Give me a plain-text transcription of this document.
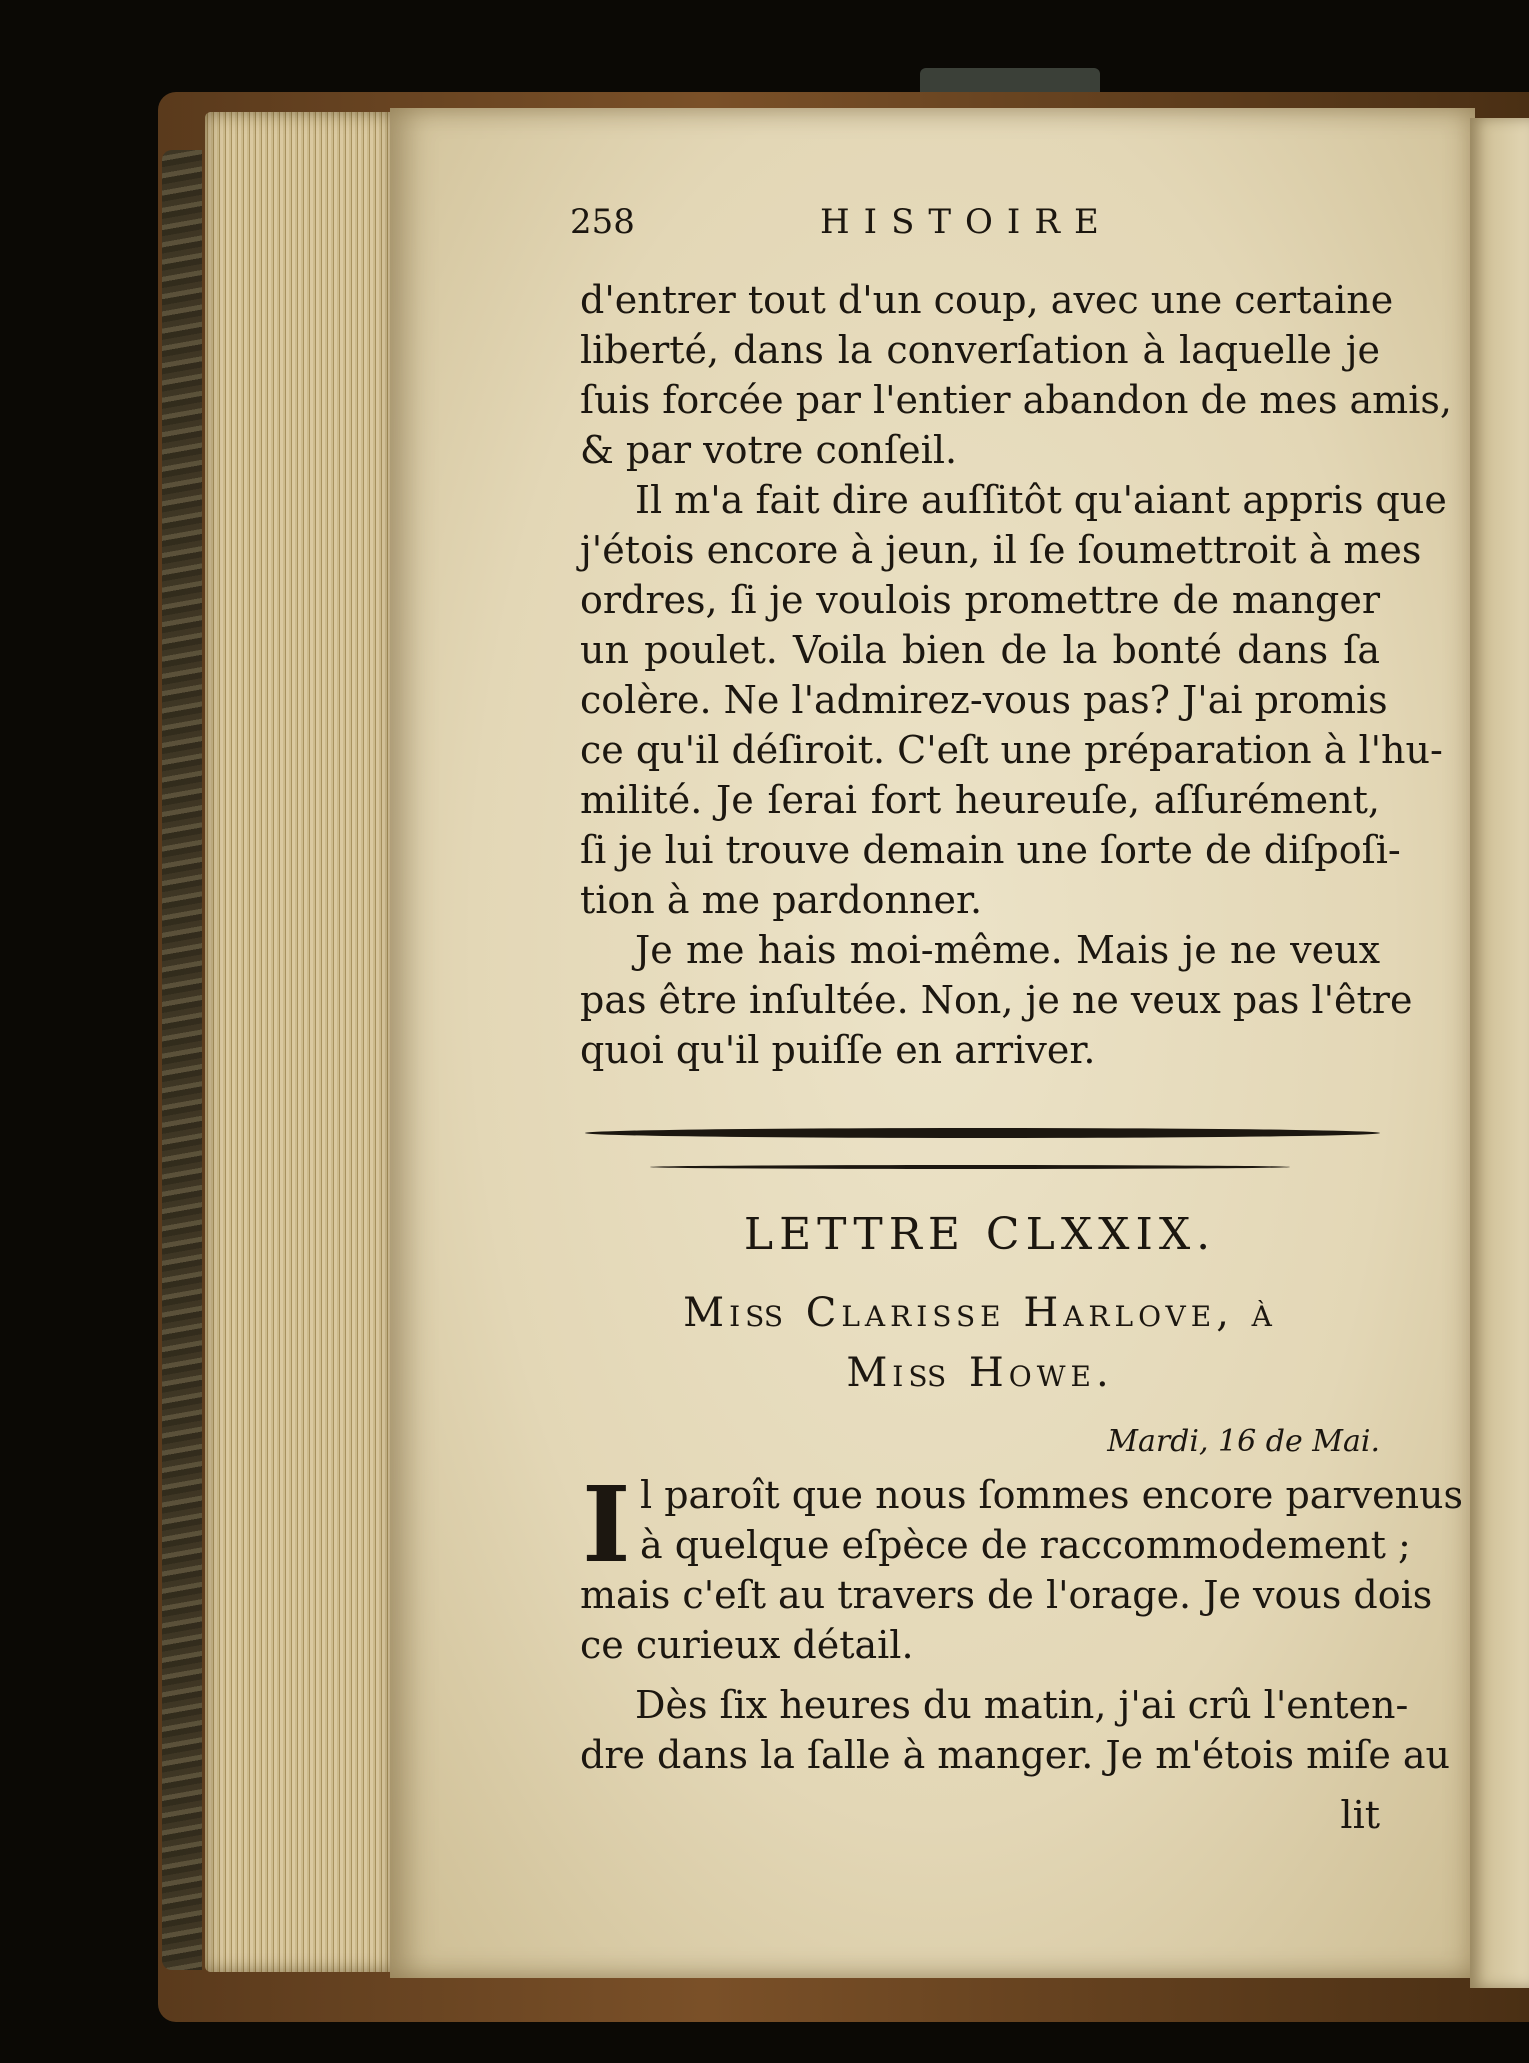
258	HISTOIRE
d'entrer tout d'un coup, avec une certaine
liberté, dans la converſation à laquelle je
ſuis forcée par l'entier abandon de mes amis,
& par votre conſeil.
Il m'a fait dire auſſitôt qu'aiant appris que
j'étois encore à jeun, il ſe ſoumettroit à mes
ordres, ſi je voulois promettre de manger
un poulet. Voila bien de la bonté dans ſa
colère. Ne l'admirez-vous pas? J'ai promis
ce qu'il déſiroit. C'eſt une préparation à l'hu-
milité. Je ſerai fort heureuſe, aſſurément,
ſi je lui trouve demain une ſorte de diſpoſi-
tion à me pardonner.
Je me hais moi-même. Mais je ne veux
pas être inſultée. Non, je ne veux pas l'être
quoi qu'il puiſſe en arriver.
LETTRE CLXXIX.
Miß Clarisse Harlove, à
Miß Howe.
Mardi, 16 de Mai.
I l paroît que nous ſommes encore parvenus
à quelque eſpèce de raccommodement ;
mais c'eſt au travers de l'orage. Je vous dois
ce curieux détail.
Dès ſix heures du matin, j'ai crû l'enten-
dre dans la ſalle à manger. Je m'étois miſe au
lit
